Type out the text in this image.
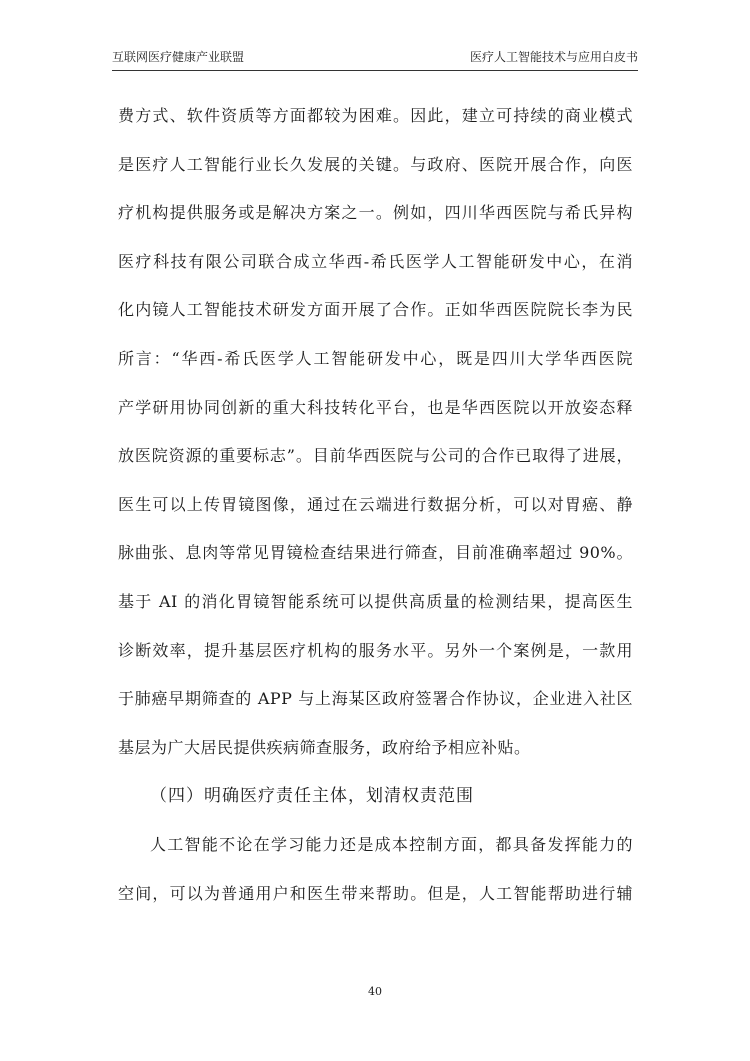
互联网医疗健康产业联盟	医疗人工智能技术与应用白皮书
费方式、软件资质等方面都较为困难。因此，建立可持续的商业模式
是医疗人工智能行业长久发展的关键。与政府、医院开展合作，向医
疗机构提供服务或是解决方案之一。例如，四川华西医院与希氏异构
医疗科技有限公司联合成立华西-希氏医学人工智能研发中心，在消
化内镜人工智能技术研发方面开展了合作。正如华西医院院长李为民
所言：“华西-希氏医学人工智能研发中心，既是四川大学华西医院
产学研用协同创新的重大科技转化平台，也是华西医院以开放姿态释
放医院资源的重要标志”。目前华西医院与公司的合作已取得了进展，
医生可以上传胃镜图像，通过在云端进行数据分析，可以对胃癌、静
脉曲张、息肉等常见胃镜检查结果进行筛查，目前准确率超过 90%。
基于 AI 的消化胃镜智能系统可以提供高质量的检测结果，提高医生
诊断效率，提升基层医疗机构的服务水平。另外一个案例是，一款用
于肺癌早期筛查的 APP 与上海某区政府签署合作协议，企业进入社区
基层为广大居民提供疾病筛查服务，政府给予相应补贴。
（四）明确医疗责任主体，划清权责范围
人工智能不论在学习能力还是成本控制方面，都具备发挥能力的
空间，可以为普通用户和医生带来帮助。但是，人工智能帮助进行辅
40
